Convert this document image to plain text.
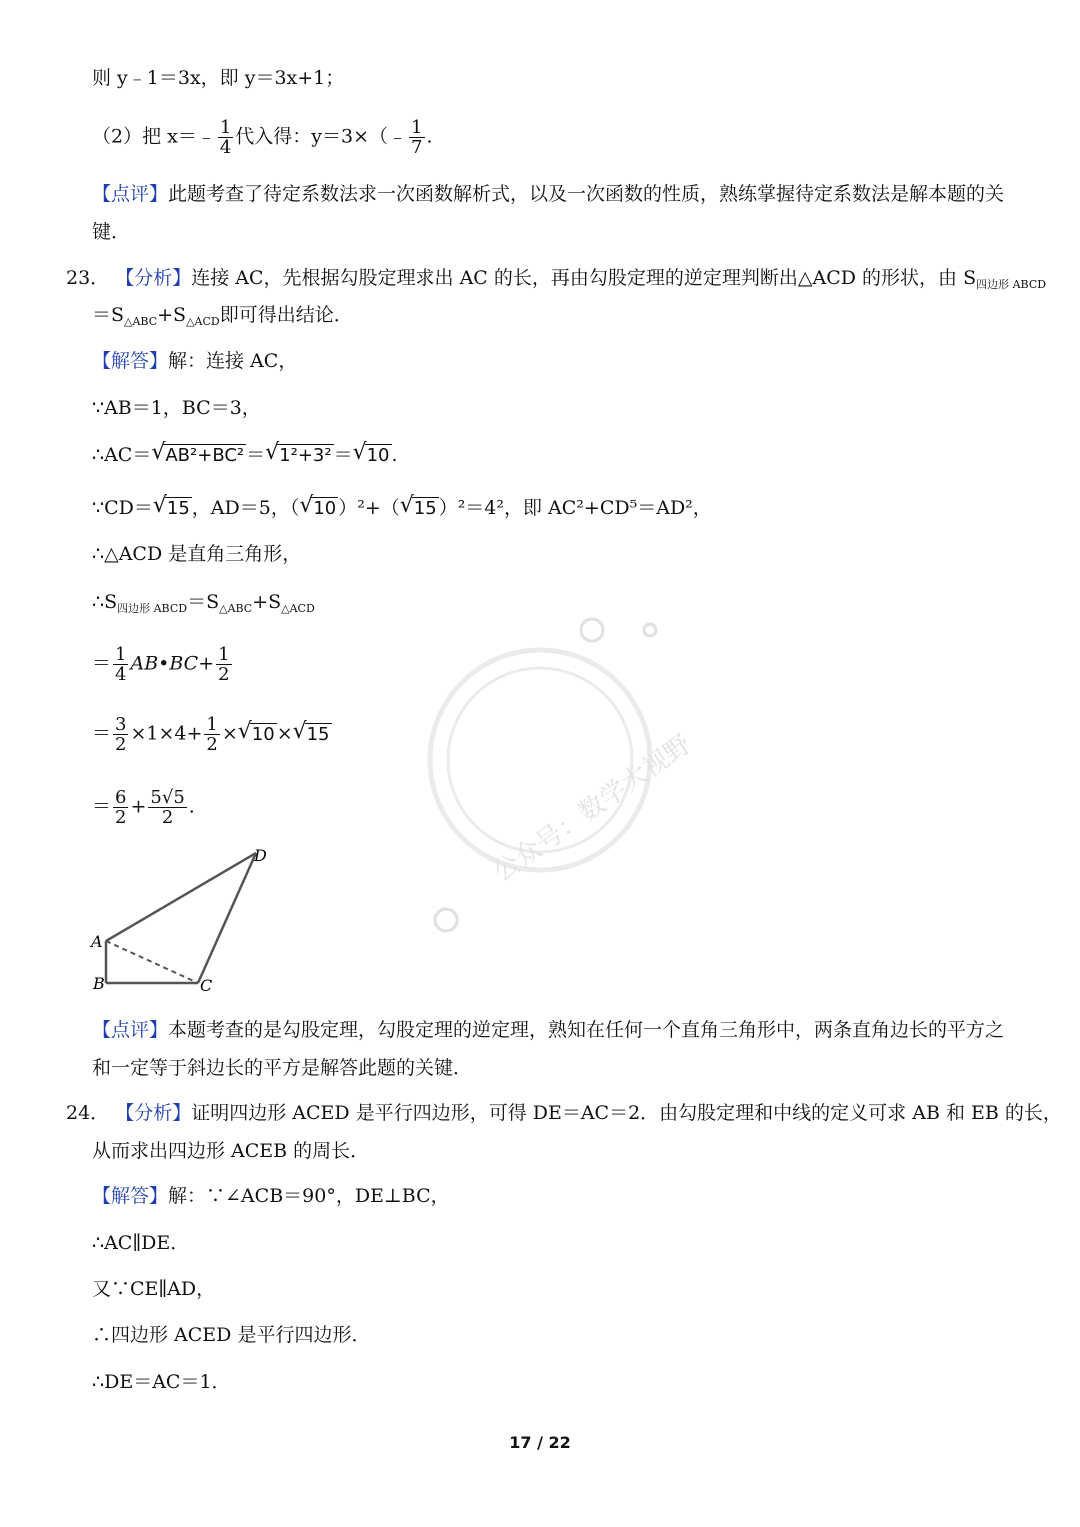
则 y﹣1＝3x，即 y＝3x+1；
（2）把 x＝﹣ $\frac{1}{4}$ 代入得：y＝3×（﹣ $\frac{1}{7}$ .
【点评】此题考查了待定系数法求一次函数解析式，以及一次函数的性质，熟练掌握待定系数法是解本题的关
键．
23． 【分析】连接 AC，先根据勾股定理求出 AC 的长，再由勾股定理的逆定理判断出△ACD 的形状，由 $S_{四边形 ABCD}$
$=S_{\triangle ABC}+S_{\triangle ACD}$即可得出结论．
【解答】解：连接 AC，
∵AB＝1，BC＝3，
∴AC＝ √ AB²+BC² ＝ √ 1²+3² ＝ √ 10 .
∵CD＝ √ 15 ，AD＝5，（ √ 10 ）²+（ √ 15 ）²＝4²，即 AC²+CD⁵＝AD²，
∴△ACD 是直角三角形，
$\therefore S_{四边形 ABCD}=S_{\triangle ABC}+S_{\triangle ACD}$
＝ $\frac{1}{4}$ AB•BC+ $\frac{1}{2}$
＝ $\frac{3}{2} \times 1\times 4+ \frac{1}{2}$ × √ 10 × √ 15
＝ $\frac{6}{2} + \frac{5√5}{2}$ .
A
B	C
D	公众号：数学大视野
【点评】本题考查的是勾股定理，勾股定理的逆定理，熟知在任何一个直角三角形中，两条直角边长的平方之
和一定等于斜边长的平方是解答此题的关键．
24． 【分析】证明四边形 ACED 是平行四边形，可得 DE＝AC＝2．由勾股定理和中线的定义可求 AB 和 EB 的长，
从而求出四边形 ACEB 的周长．
【解答】解：∵∠ACB＝90°，DE⊥BC，
∴AC∥DE．
又∵CE∥AD，
∴四边形 ACED 是平行四边形．
∴DE＝AC＝1．
17 / 22
